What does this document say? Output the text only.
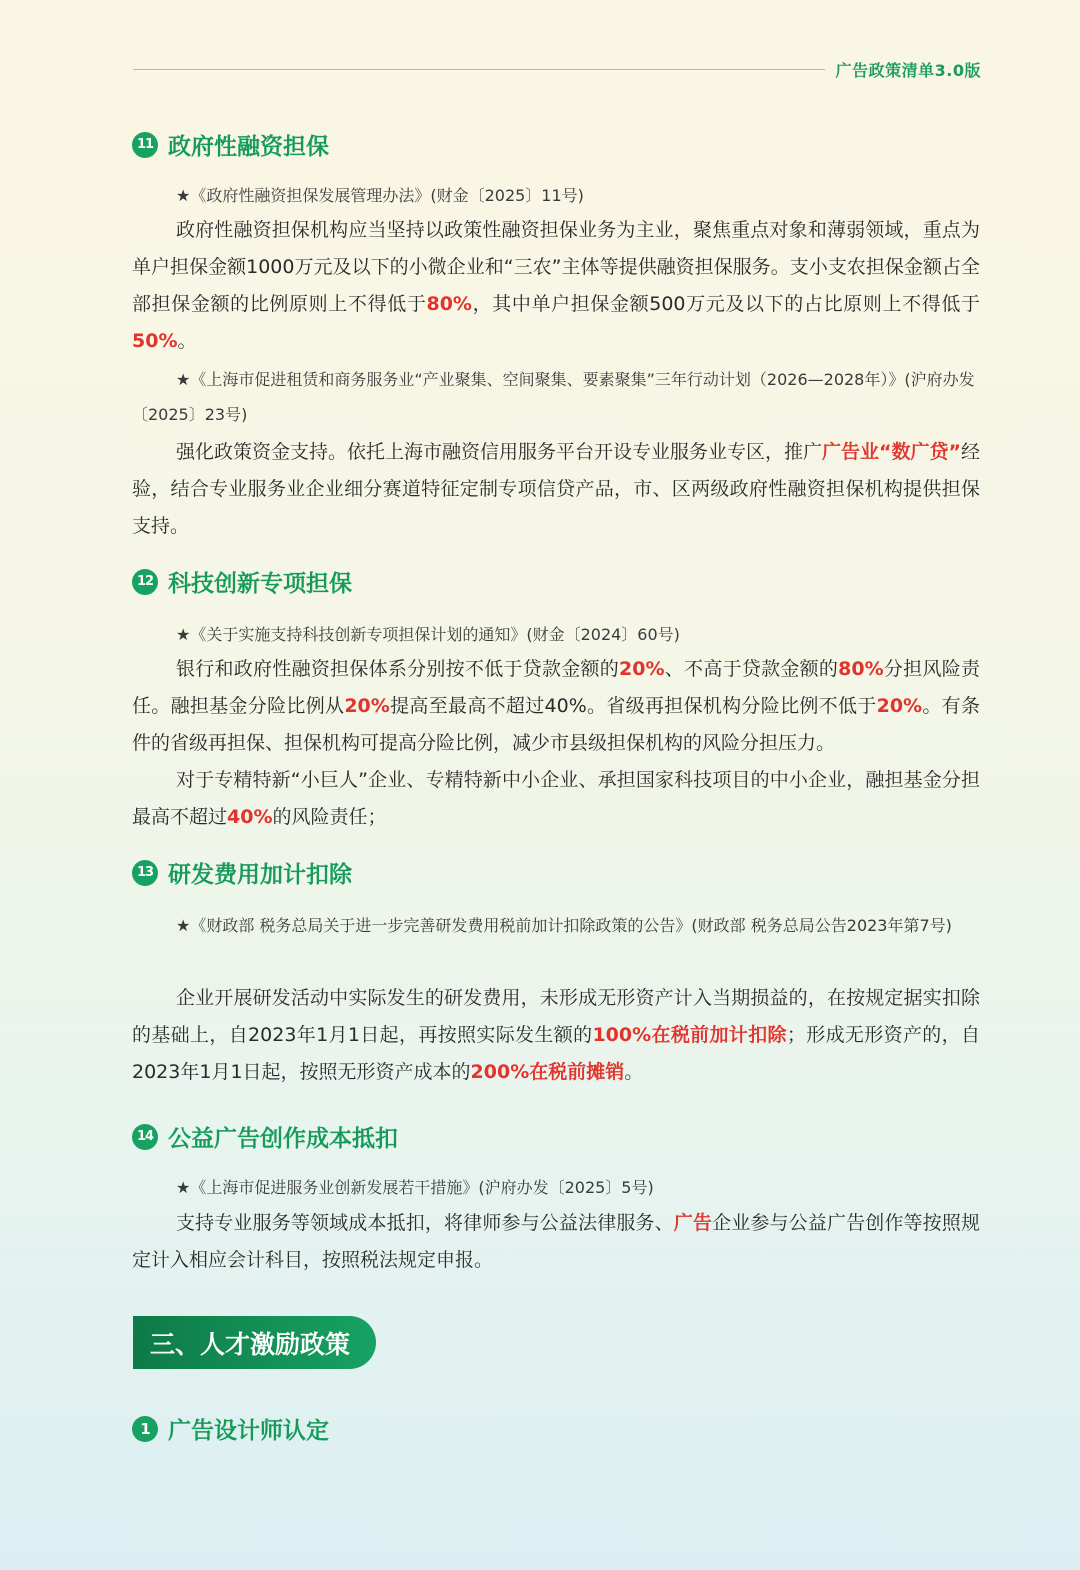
广告政策清单3.0版
11 政府性融资担保
★《政府性融资担保发展管理办法》(财金〔2025〕11号)
政府性融资担保机构应当坚持以政策性融资担保业务为主业，聚焦重点对象和薄弱领域，重点为单户担保金额1000万元及以下的小微企业和“三农”主体等提供融资担保服务。支小支农担保金额占全部担保金额的比例原则上不得低于80%，其中单户担保金额500万元及以下的占比原则上不得低于50%。
★《上海市促进租赁和商务服务业“产业聚集、空间聚集、要素聚集”三年行动计划（2026—2028年）》(沪府办发〔2025〕23号)
强化政策资金支持。依托上海市融资信用服务平台开设专业服务业专区，推广广告业“数广贷”经验，结合专业服务业企业细分赛道特征定制专项信贷产品，市、区两级政府性融资担保机构提供担保支持。
12 科技创新专项担保
★《关于实施支持科技创新专项担保计划的通知》(财金〔2024〕60号)
银行和政府性融资担保体系分别按不低于贷款金额的20%、不高于贷款金额的80%分担风险责任。融担基金分险比例从20%提高至最高不超过40%。省级再担保机构分险比例不低于20%。有条件的省级再担保、担保机构可提高分险比例，减少市县级担保机构的风险分担压力。
对于专精特新“小巨人”企业、专精特新中小企业、承担国家科技项目的中小企业，融担基金分担最高不超过40%的风险责任；
13 研发费用加计扣除
★《财政部 税务总局关于进一步完善研发费用税前加计扣除政策的公告》(财政部 税务总局公告2023年第7号)
企业开展研发活动中实际发生的研发费用，未形成无形资产计入当期损益的，在按规定据实扣除的基础上，自2023年1月1日起，再按照实际发生额的100%在税前加计扣除；形成无形资产的，自2023年1月1日起，按照无形资产成本的200%在税前摊销。
14 公益广告创作成本抵扣
★《上海市促进服务业创新发展若干措施》(沪府办发〔2025〕5号)
支持专业服务等领域成本抵扣，将律师参与公益法律服务、广告企业参与公益广告创作等按照规定计入相应会计科目，按照税法规定申报。
三、人才激励政策
1 广告设计师认定
